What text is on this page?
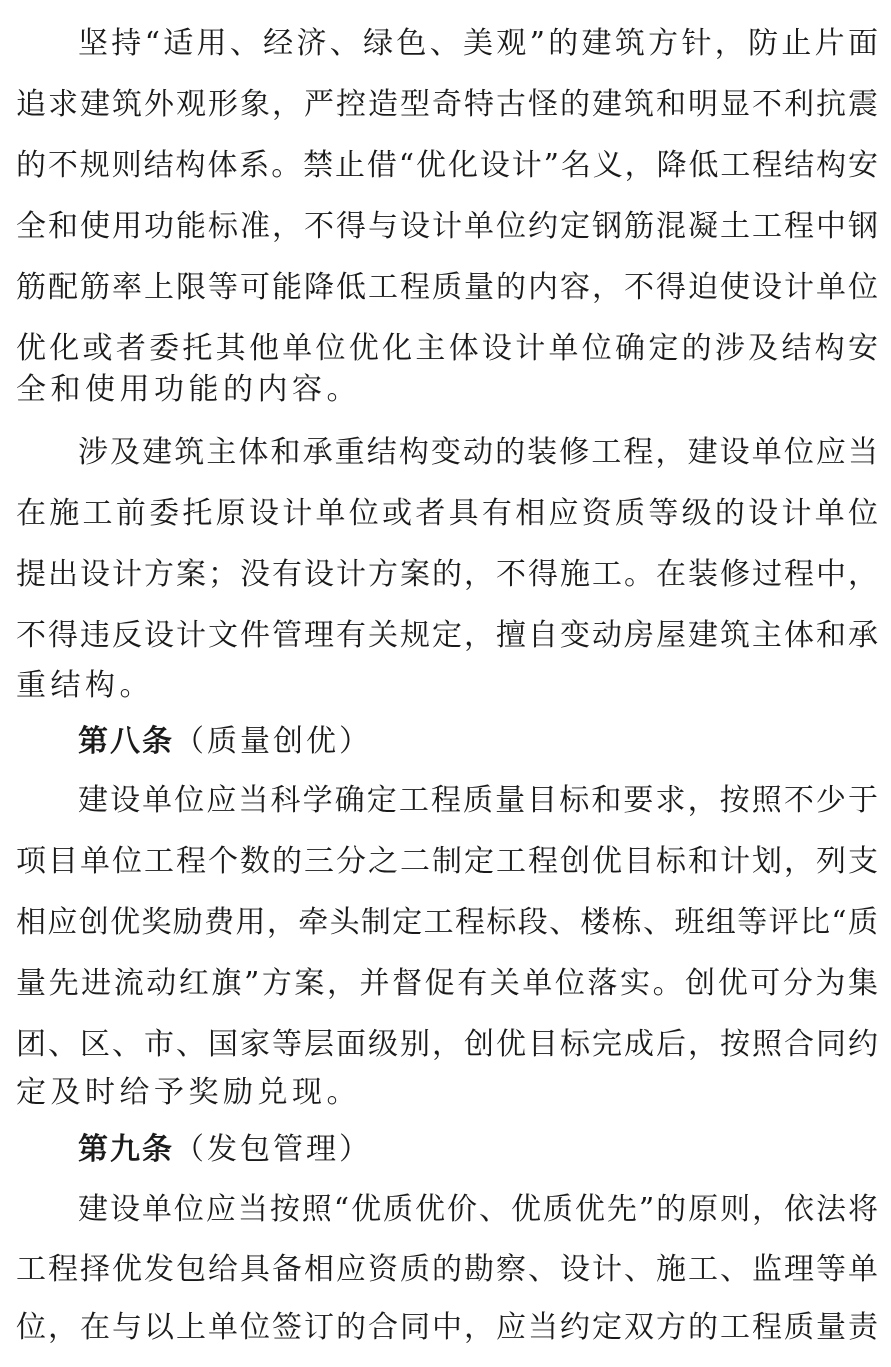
坚持“适用、经济、绿色、美观”的建筑方针，防止片面
追求建筑外观形象，严控造型奇特古怪的建筑和明显不利抗震
的不规则结构体系。禁止借“优化设计”名义，降低工程结构安
全和使用功能标准，不得与设计单位约定钢筋混凝土工程中钢
筋配筋率上限等可能降低工程质量的内容，不得迫使设计单位
优化或者委托其他单位优化主体设计单位确定的涉及结构安
全和使用功能的内容。
涉及建筑主体和承重结构变动的装修工程，建设单位应当
在施工前委托原设计单位或者具有相应资质等级的设计单位
提出设计方案；没有设计方案的，不得施工。在装修过程中，
不得违反设计文件管理有关规定，擅自变动房屋建筑主体和承
重结构。
第八条（质量创优）
建设单位应当科学确定工程质量目标和要求，按照不少于
项目单位工程个数的三分之二制定工程创优目标和计划，列支
相应创优奖励费用，牵头制定工程标段、楼栋、班组等评比“质
量先进流动红旗”方案，并督促有关单位落实。创优可分为集
团、区、市、国家等层面级别，创优目标完成后，按照合同约
定及时给予奖励兑现。
第九条（发包管理）
建设单位应当按照“优质优价、优质优先”的原则，依法将
工程择优发包给具备相应资质的勘察、设计、施工、监理等单
位，在与以上单位签订的合同中，应当约定双方的工程质量责
